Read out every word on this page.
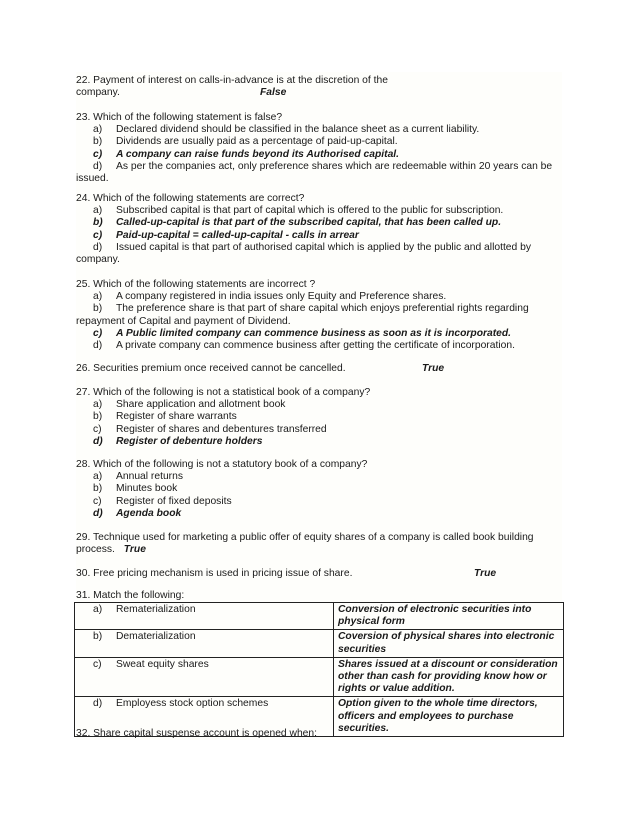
22. Payment of interest on calls-in-advance is at the discretion of the
company.	False
23. Which of the following statement is false?
a) Declared dividend should be classified in the balance sheet as a current liability.
b) Dividends are usually paid as a percentage of paid-up-capital.
c) A company can raise funds beyond its Authorised capital.
d) As per the companies act, only preference shares which are redeemable within 20 years can be
issued.
24. Which of the following statements are correct?
a) Subscribed capital is that part of capital which is offered to the public for subscription.
b) Called-up-capital is that part of the subscribed capital, that has been called up.
c) Paid-up-capital = called-up-capital - calls in arrear
d) Issued capital is that part of authorised capital which is applied by the public and allotted by
company.
25. Which of the following statements are incorrect ?
a) A company registered in india issues only Equity and Preference shares.
b) The preference share is that part of share capital which enjoys preferential rights regarding
repayment of Capital and payment of Dividend.
c) A Public limited company can commence business as soon as it is incorporated.
d) A private company can commence business after getting the certificate of incorporation.
26. Securities premium once received cannot be cancelled.	True
27. Which of the following is not a statistical book of a company?
a) Share application and allotment book
b) Register of share warrants
c) Register of shares and debentures transferred
d) Register of debenture holders
28. Which of the following is not a statutory book of a company?
a) Annual returns
b) Minutes book
c) Register of fixed deposits
d) Agenda book
29. Technique used for marketing a public offer of equity shares of a company is called book building
process. True
30. Free pricing mechanism is used in pricing issue of share.	True
31. Match the following:
a) Rematerialization	Conversion of electronic securities into physical form
b) Dematerialization	Coversion of physical shares into electronic securities
c) Sweat equity shares	Shares issued at a discount or consideration other than cash for providing know how or rights or value addition.
d) Employess stock option schemes	Option given to the whole time directors, officers and employees to purchase securities.
32. Share capital suspense account is opened when:
